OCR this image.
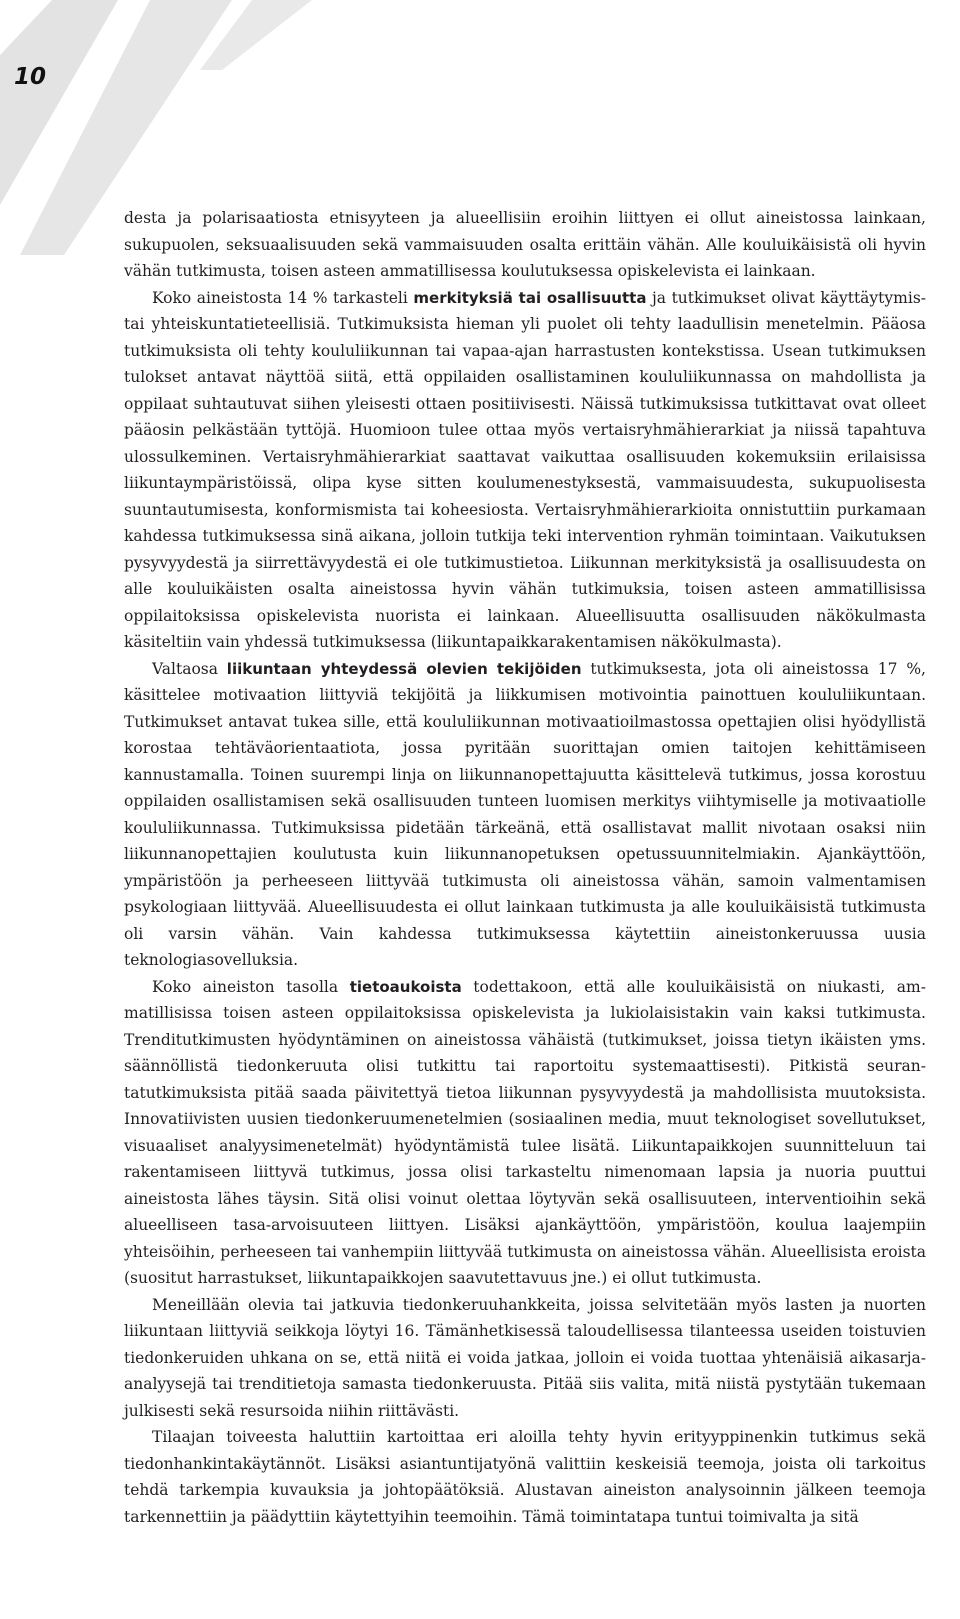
10

desta ja polarisaatiosta etnisyyteen ja alueellisiin eroihin liittyen ei ollut aineistossa lainkaan, sukupuolen, seksuaalisuuden sekä vammaisuuden osalta erittäin vähän. Alle kouluikäisistä oli hyvin vähän tutkimusta, toisen asteen ammatillisessa koulutuksessa opiskelevista ei lainkaan.

Koko aineistosta 14 % tarkasteli merkityksiä tai osallisuutta ja tutkimukset olivat käyttäytymis- tai yhteiskuntatieteellisiä. Tutkimuksista hieman yli puolet oli tehty laadullisin menetelmin. Pääosa tutkimuksista oli tehty koululiikunnan tai vapaa-ajan harrastusten kontekstissa. Usean tutkimuksen tulokset antavat näyttöä siitä, että oppilaiden osallistaminen koululiikunnassa on mahdollista ja oppilaat suhtautuvat siihen yleisesti ottaen positiivisesti. Näissä tutkimuksissa tutkittavat ovat olleet pääosin pelkästään tyttöjä. Huomioon tulee ottaa myös vertaisryhmähierarkiat ja niissä tapahtuva ulossulkeminen. Vertaisryhmähierarkiat saattavat vaikuttaa osallisuuden kokemuksiin erilaisissa liikuntaympäristöissä, olipa kyse sitten koulumenestyksestä, vammaisuudesta, sukupuolisesta suuntautumisesta, konformismista tai koheesiosta. Vertaisryhmähierarkioita onnistuttiin purkamaan kahdessa tutkimuksessa sinä aikana, jolloin tutkija teki intervention ryhmän toimintaan. Vaikutuksen pysyvyydestä ja siirrettävyydestä ei ole tutkimustietoa. Liikunnan merkityksistä ja osallisuudesta on alle kouluikäisten osalta aineistossa hyvin vähän tutkimuksia, toisen asteen ammatillisissa oppilaitoksissa opiskelevista nuorista ei lainkaan. Alueellisuutta osallisuuden näkökulmasta käsiteltiin vain yhdessä tutkimuksessa (liikuntapaikkarakentamisen näkökulmasta).

Valtaosa liikuntaan yhteydessä olevien tekijöiden tutkimuksesta, jota oli aineistossa 17 %, käsittelee motivaation liittyviä tekijöitä ja liikkumisen motivointia painottuen koululiikuntaan. Tutkimukset antavat tukea sille, että koululiikunnan motivaatioilmastossa opettajien olisi hyödyllistä korostaa tehtäväorientaatiota, jossa pyritään suorittajan omien taitojen kehittämiseen kannustamalla. Toinen suurempi linja on liikunnanopettajuutta käsittelevä tutkimus, jossa korostuu oppilaiden osallistamisen sekä osallisuuden tunteen luomisen merkitys viihtymiselle ja motivaatiolle koululiikunnassa. Tutkimuksissa pidetään tärkeänä, että osallistavat mallit nivotaan osaksi niin liikunnanopettajien koulutusta kuin liikunnanopetuksen opetussuunnitelmiakin. Ajankäyttöön, ympäristöön ja perheeseen liittyvää tutkimusta oli aineistossa vähän, samoin valmentamisen psykologiaan liittyvää. Alueellisuudesta ei ollut lainkaan tutkimusta ja alle kouluikäisistä tutkimusta oli varsin vähän. Vain kahdessa tutkimuksessa käytettiin aineistonkeruussa uusia teknologiasovelluksia.

Koko aineiston tasolla tietoaukoista todettakoon, että alle kouluikäisistä on niukasti, ammatillisissa toisen asteen oppilaitoksissa opiskelevista ja lukiolaisistakin vain kaksi tutkimusta. Trenditutkimusten hyödyntäminen on aineistossa vähäistä (tutkimukset, joissa tietyn ikäisten yms. säännöllistä tiedonkeruuta olisi tutkittu tai raportoitu systemaattisesti). Pitkistä seurantatutkimuksista pitää saada päivitettyä tietoa liikunnan pysyvyydestä ja mahdollisista muutoksista. Innovatiivisten uusien tiedonkeruumenetelmien (sosiaalinen media, muut teknologiset sovellutukset, visuaaliset analyysimenetelmät) hyödyntämistä tulee lisätä. Liikuntapaikkojen suunnitteluun tai rakentamiseen liittyvä tutkimus, jossa olisi tarkasteltu nimenomaan lapsia ja nuoria puuttui aineistosta lähes täysin. Sitä olisi voinut olettaa löytyvän sekä osallisuuteen, interventioihin sekä alueelliseen tasa-arvoisuuteen liittyen. Lisäksi ajankäyttöön, ympäristöön, koulua laajempiin yhteisöihin, perheeseen tai vanhempiin liittyvää tutkimusta on aineistossa vähän. Alueellisista eroista (suositut harrastukset, liikuntapaikkojen saavutettavuus jne.) ei ollut tutkimusta.

Meneillään olevia tai jatkuvia tiedonkeruuhankkeita, joissa selvitetään myös lasten ja nuorten liikuntaan liittyviä seikkoja löytyi 16. Tämänhetkisessä taloudellisessa tilanteessa useiden toistuvien tiedonkeruiden uhkana on se, että niitä ei voida jatkaa, jolloin ei voida tuottaa yhtenäisiä aikasarja-analyysejä tai trenditietoja samasta tiedonkeruusta. Pitää siis valita, mitä niistä pystytään tukemaan julkisesti sekä resursoida niihin riittävästi.

Tilaajan toiveesta haluttiin kartoittaa eri aloilla tehty hyvin erityyppinenkin tutkimus sekä tiedonhankintakäytännöt. Lisäksi asiantuntijatyönä valittiin keskeisiä teemoja, joista oli tarkoitus tehdä tarkempia kuvauksia ja johtopäätöksiä. Alustavan aineiston analysoinnin jälkeen teemoja tarkennettiin ja päädyttiin käytettyihin teemoihin. Tämä toimintatapa tuntui toimivalta ja sitä
